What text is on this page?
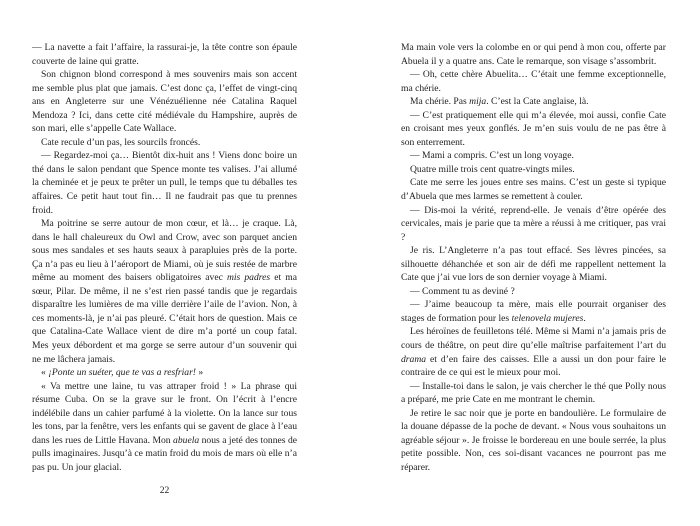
— La navette a fait l’affaire, la rassurai-je, la tête contre son épaule couverte de laine qui gratte.

Son chignon blond correspond à mes souvenirs mais son accent me semble plus plat que jamais. C’est donc ça, l’effet de vingt-cinq ans en Angleterre sur une Vénézuélienne née Catalina Raquel Mendoza ? Ici, dans cette cité médiévale du Hampshire, auprès de son mari, elle s’appelle Cate Wallace.

Cate recule d’un pas, les sourcils froncés.

— Regardez-moi ça… Bientôt dix-huit ans ! Viens donc boire un thé dans le salon pendant que Spence monte tes valises. J’ai allumé la cheminée et je peux te prêter un pull, le temps que tu déballes tes affaires. Ce petit haut tout fin… Il ne faudrait pas que tu prennes froid.

Ma poitrine se serre autour de mon cœur, et là… je craque. Là, dans le hall chaleureux du Owl and Crow, avec son parquet ancien sous mes sandales et ses hauts seaux à parapluies près de la porte. Ça n’a pas eu lieu à l’aéroport de Miami, où je suis restée de marbre même au moment des baisers obligatoires avec mis padres et ma sœur, Pilar. De même, il ne s’est rien passé tandis que je regardais disparaître les lumières de ma ville derrière l’aile de l’avion. Non, à ces moments-là, je n’ai pas pleuré. C’était hors de question. Mais ce que Catalina-Cate Wallace vient de dire m’a porté un coup fatal. Mes yeux débordent et ma gorge se serre autour d’un souvenir qui ne me lâchera jamais.

« ¡Ponte un suéter, que te vas a resfriar! »

« Va mettre une laine, tu vas attraper froid ! » La phrase qui résume Cuba. On se la grave sur le front. On l’écrit à l’encre indélébile dans un cahier parfumé à la violette. On la lance sur tous les tons, par la fenêtre, vers les enfants qui se gavent de glace à l’eau dans les rues de Little Havana. Mon abuela nous a jeté des tonnes de pulls imaginaires. Jusqu’à ce matin froid du mois de mars où elle n’a pas pu. Un jour glacial.

Ma main vole vers la colombe en or qui pend à mon cou, offerte par Abuela il y a quatre ans. Cate le remarque, son visage s’assombrit.

— Oh, cette chère Abuelita… C’était une femme exceptionnelle, ma chérie.

Ma chérie. Pas mija. C’est la Cate anglaise, là.

— C’est pratiquement elle qui m’a élevée, moi aussi, confie Cate en croisant mes yeux gonflés. Je m’en suis voulu de ne pas être à son enterrement.

— Mami a compris. C’est un long voyage.

Quatre mille trois cent quatre-vingts miles.

Cate me serre les joues entre ses mains. C’est un geste si typique d’Abuela que mes larmes se remettent à couler.

— Dis-moi la vérité, reprend-elle. Je venais d’être opérée des cervicales, mais je parie que ta mère a réussi à me critiquer, pas vrai ?

Je ris. L’Angleterre n’a pas tout effacé. Ses lèvres pincées, sa silhouette déhanchée et son air de défi me rappellent nettement la Cate que j’ai vue lors de son dernier voyage à Miami.

— Comment tu as deviné ?

— J’aime beaucoup ta mère, mais elle pourrait organiser des stages de formation pour les telenovela mujeres.

Les héroïnes de feuilletons télé. Même si Mami n’a jamais pris de cours de théâtre, on peut dire qu’elle maîtrise parfaitement l’art du drama et d’en faire des caisses. Elle a aussi un don pour faire le contraire de ce qui est le mieux pour moi.

— Installe-toi dans le salon, je vais chercher le thé que Polly nous a préparé, me prie Cate en me montrant le chemin.

Je retire le sac noir que je porte en bandoulière. Le formulaire de la douane dépasse de la poche de devant. « Nous vous souhaitons un agréable séjour ». Je froisse le bordereau en une boule serrée, la plus petite possible. Non, ces soi-disant vacances ne pourront pas me réparer.

22
